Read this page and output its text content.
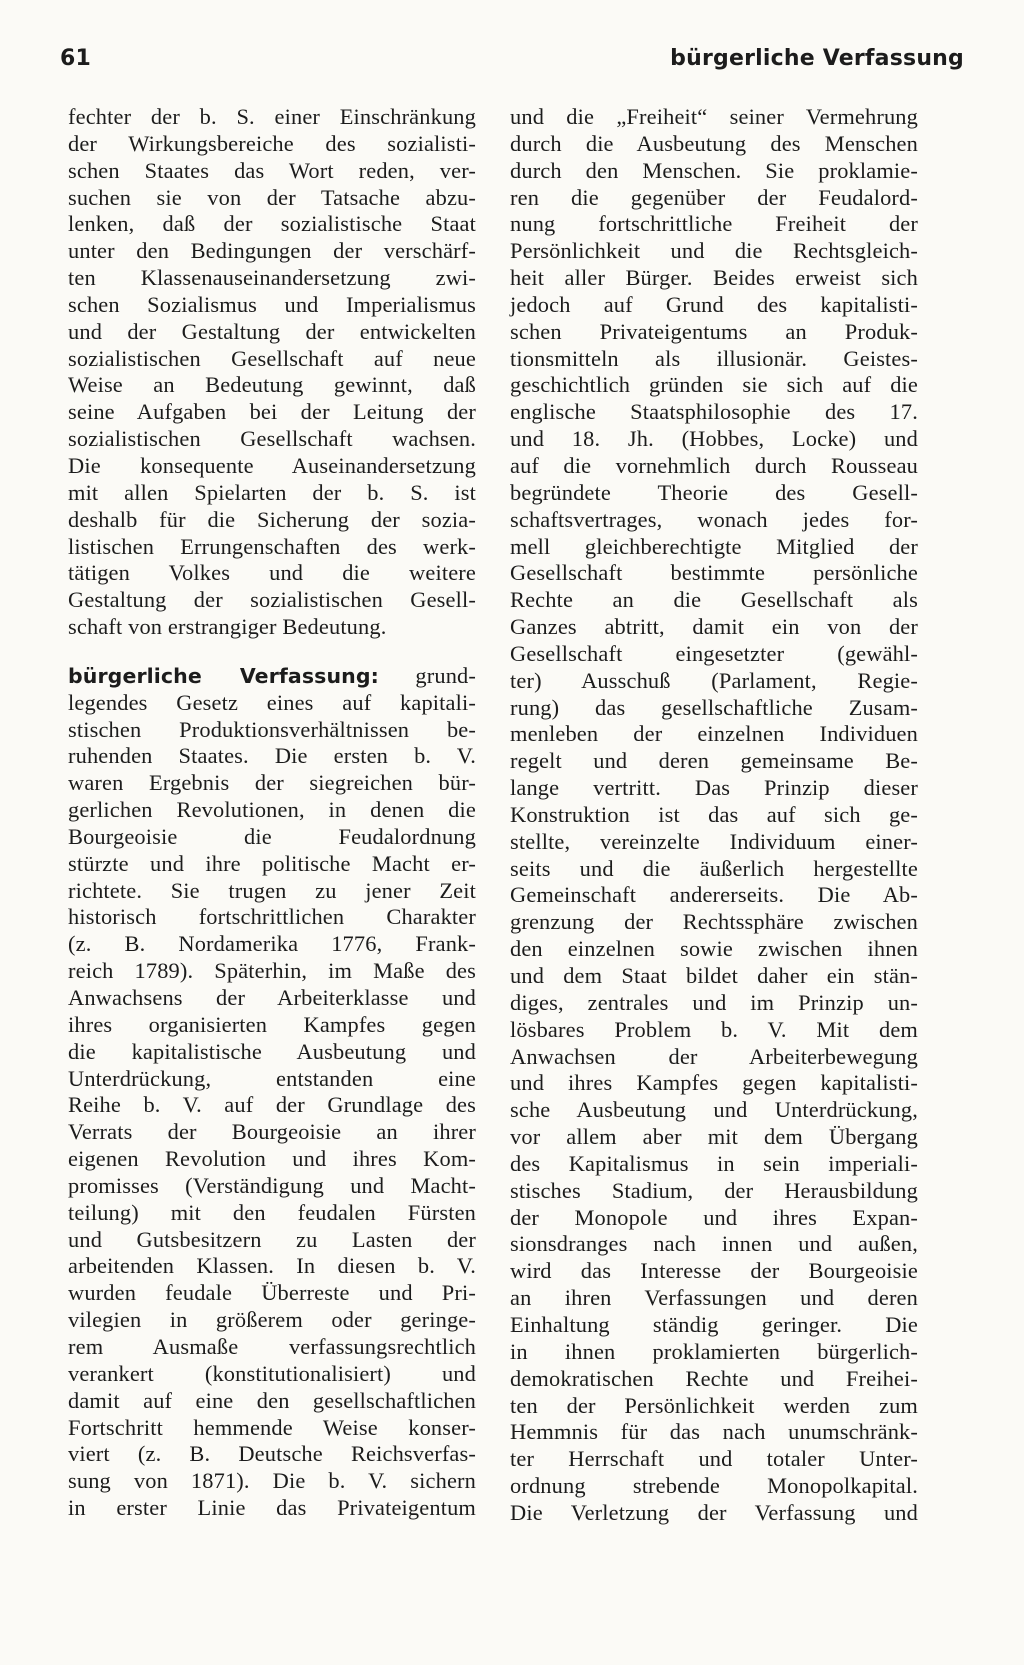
61	bürgerliche Verfassung

fechter der b. S. einer Einschränkung
der Wirkungsbereiche des sozialisti-
schen Staates das Wort reden, ver-
suchen sie von der Tatsache abzu-
lenken, daß der sozialistische Staat
unter den Bedingungen der verschärf-
ten Klassenauseinandersetzung zwi-
schen Sozialismus und Imperialismus
und der Gestaltung der entwickelten
sozialistischen Gesellschaft auf neue
Weise an Bedeutung gewinnt, daß
seine Aufgaben bei der Leitung der
sozialistischen Gesellschaft wachsen.
Die konsequente Auseinandersetzung
mit allen Spielarten der b. S. ist
deshalb für die Sicherung der sozia-
listischen Errungenschaften des werk-
tätigen Volkes und die weitere
Gestaltung der sozialistischen Gesell-
schaft von erstrangiger Bedeutung.

bürgerliche Verfassung: grund-
legendes Gesetz eines auf kapitali-
stischen Produktionsverhältnissen be-
ruhenden Staates. Die ersten b. V.
waren Ergebnis der siegreichen bür-
gerlichen Revolutionen, in denen die
Bourgeoisie die Feudalordnung
stürzte und ihre politische Macht er-
richtete. Sie trugen zu jener Zeit
historisch fortschrittlichen Charakter
(z. B. Nordamerika 1776, Frank-
reich 1789). Späterhin, im Maße des
Anwachsens der Arbeiterklasse und
ihres organisierten Kampfes gegen
die kapitalistische Ausbeutung und
Unterdrückung, entstanden eine
Reihe b. V. auf der Grundlage des
Verrats der Bourgeoisie an ihrer
eigenen Revolution und ihres Kom-
promisses (Verständigung und Macht-
teilung) mit den feudalen Fürsten
und Gutsbesitzern zu Lasten der
arbeitenden Klassen. In diesen b. V.
wurden feudale Überreste und Pri-
vilegien in größerem oder geringe-
rem Ausmaße verfassungsrechtlich
verankert (konstitutionalisiert) und
damit auf eine den gesellschaftlichen
Fortschritt hemmende Weise konser-
viert (z. B. Deutsche Reichsverfas-
sung von 1871). Die b. V. sichern
in erster Linie das Privateigentum

und die „Freiheit“ seiner Vermehrung
durch die Ausbeutung des Menschen
durch den Menschen. Sie proklamie-
ren die gegenüber der Feudalord-
nung fortschrittliche Freiheit der
Persönlichkeit und die Rechtsgleich-
heit aller Bürger. Beides erweist sich
jedoch auf Grund des kapitalisti-
schen Privateigentums an Produk-
tionsmitteln als illusionär. Geistes-
geschichtlich gründen sie sich auf die
englische Staatsphilosophie des 17.
und 18. Jh. (Hobbes, Locke) und
auf die vornehmlich durch Rousseau
begründete Theorie des Gesell-
schaftsvertrages, wonach jedes for-
mell gleichberechtigte Mitglied der
Gesellschaft bestimmte persönliche
Rechte an die Gesellschaft als
Ganzes abtritt, damit ein von der
Gesellschaft eingesetzter (gewähl-
ter) Ausschuß (Parlament, Regie-
rung) das gesellschaftliche Zusam-
menleben der einzelnen Individuen
regelt und deren gemeinsame Be-
lange vertritt. Das Prinzip dieser
Konstruktion ist das auf sich ge-
stellte, vereinzelte Individuum einer-
seits und die äußerlich hergestellte
Gemeinschaft andererseits. Die Ab-
grenzung der Rechtssphäre zwischen
den einzelnen sowie zwischen ihnen
und dem Staat bildet daher ein stän-
diges, zentrales und im Prinzip un-
lösbares Problem b. V. Mit dem
Anwachsen der Arbeiterbewegung
und ihres Kampfes gegen kapitalisti-
sche Ausbeutung und Unterdrückung,
vor allem aber mit dem Übergang
des Kapitalismus in sein imperiali-
stisches Stadium, der Herausbildung
der Monopole und ihres Expan-
sionsdranges nach innen und außen,
wird das Interesse der Bourgeoisie
an ihren Verfassungen und deren
Einhaltung ständig geringer. Die
in ihnen proklamierten bürgerlich-
demokratischen Rechte und Freihei-
ten der Persönlichkeit werden zum
Hemmnis für das nach unumschränk-
ter Herrschaft und totaler Unter-
ordnung strebende Monopolkapital.
Die Verletzung der Verfassung und
